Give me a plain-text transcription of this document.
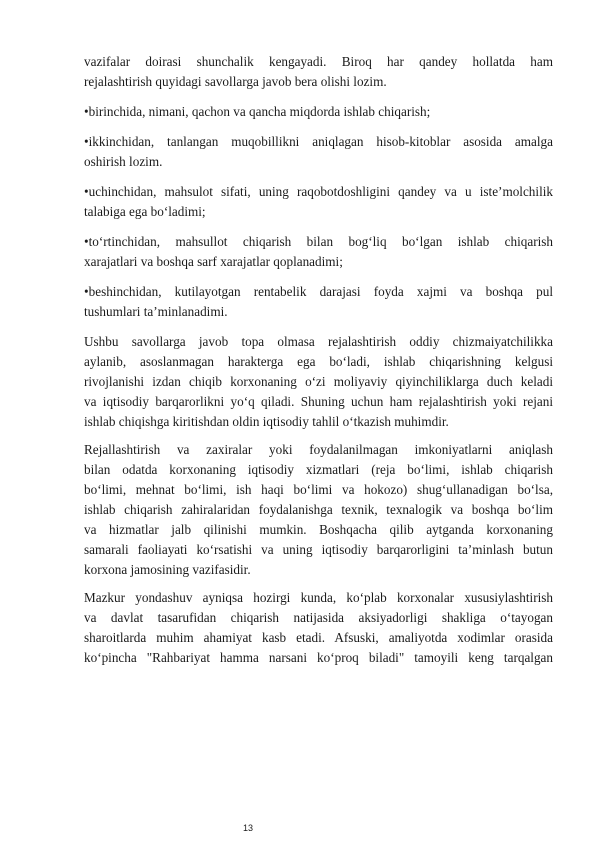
vazifalar doirasi shunchalik kengayadi. Biroq har qandey hollatda ham
rejalashtirish quyidagi savollarga javob bera olishi lozim.
•birinchida, nimani, qachon va qancha miqdorda ishlab chiqarish;
•ikkinchidan, tanlangan muqobillikni aniqlagan hisob-kitoblar asosida amalga
oshirish lozim.
•uchinchidan, mahsulot sifati, uning raqobotdoshligini qandey va u isteʼmolchilik
talabiga ega boʻladimi;
•toʻrtinchidan, mahsullot chiqarish bilan bogʻliq boʻlgan ishlab chiqarish
xarajatlari va boshqa sarf xarajatlar qoplanadimi;
•beshinchidan, kutilayotgan rentabelik darajasi foyda xajmi va boshqa pul
tushumlari taʼminlanadimi.
Ushbu savollarga javob topa olmasa rejalashtirish oddiy chizmaiyatchilikka
aylanib, asoslanmagan harakterga ega boʻladi, ishlab chiqarishning kelgusi
rivojlanishi izdan chiqib korxonaning oʻzi moliyaviy qiyinchiliklarga duch keladi
va iqtisodiy barqarorlikni yoʻq qiladi. Shuning uchun ham rejalashtirish yoki rejani
ishlab chiqishga kiritishdan oldin iqtisodiy tahlil oʻtkazish muhimdir.
Rejallashtirish va zaxiralar yoki foydalanilmagan imkoniyatlarni aniqlash
bilan odatda korxonaning iqtisodiy xizmatlari (reja boʻlimi, ishlab chiqarish
boʻlimi, mehnat boʻlimi, ish haqi boʻlimi va hokozo) shugʻullanadigan boʻlsa,
ishlab chiqarish zahiralaridan foydalanishga texnik, texnalogik va boshqa boʻlim
va hizmatlar jalb qilinishi mumkin. Boshqacha qilib aytganda korxonaning
samarali faoliayati koʻrsatishi va uning iqtisodiy barqarorligini taʼminlash butun
korxona jamosining vazifasidir.
Mazkur yondashuv ayniqsa hozirgi kunda, koʻplab korxonalar xususiylashtirish
va davlat tasarufidan chiqarish natijasida aksiyadorligi shakliga oʻtayogan
sharoitlarda muhim ahamiyat kasb etadi. Afsuski, amaliyotda xodimlar orasida
koʻpincha "Rahbariyat hamma narsani koʻproq biladi" tamoyili keng tarqalgan
13
